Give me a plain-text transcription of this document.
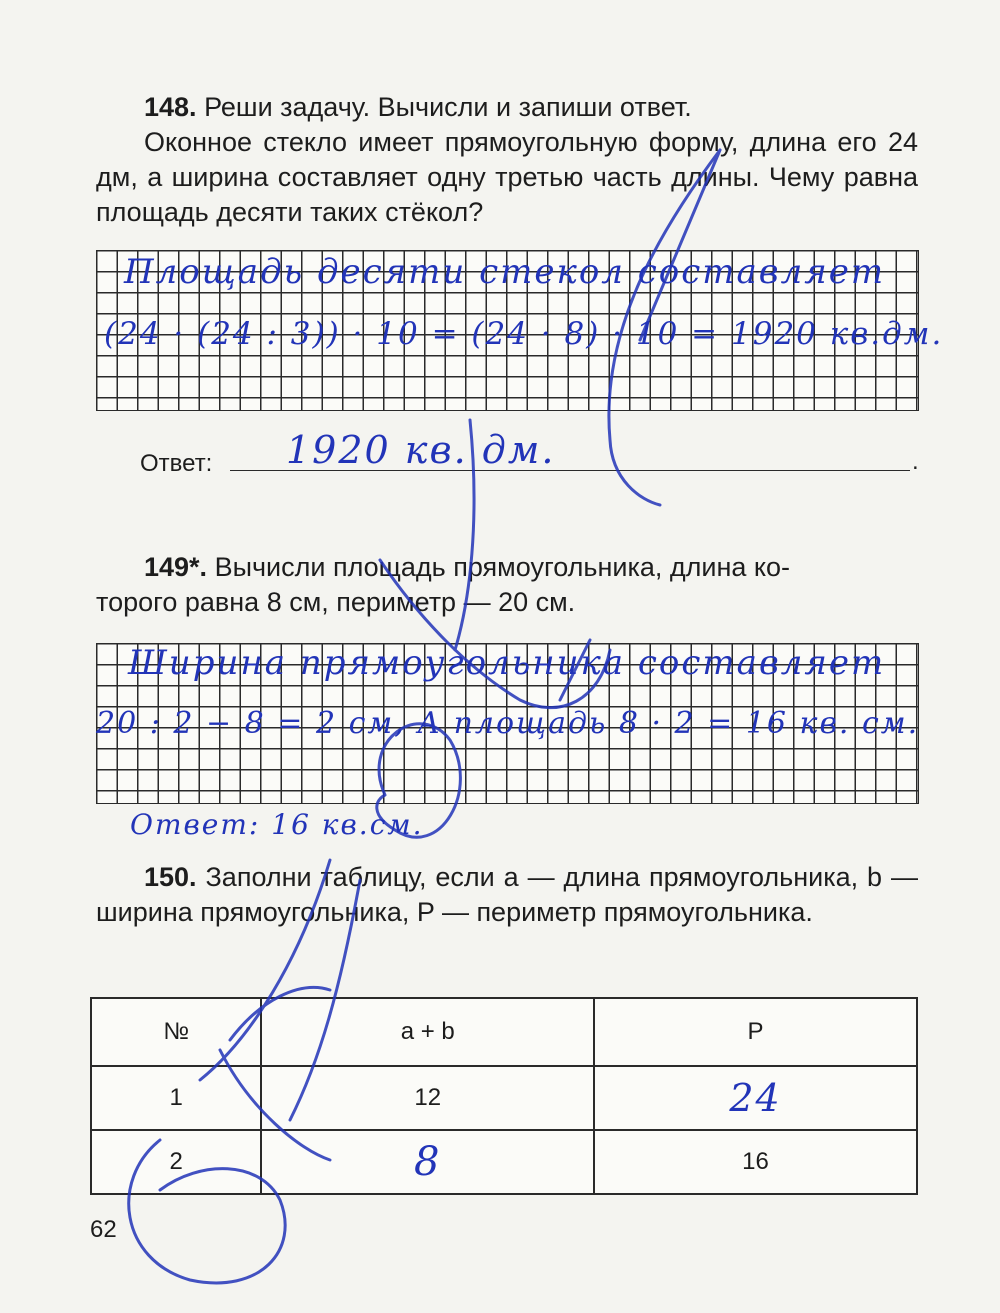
148. Реши задачу. Вычисли и запиши ответ.
Оконное стекло имеет прямоугольную форму, длина его 24 дм, а ширина составляет одну третью часть длины. Чему равна площадь десяти таких стёкол?
Площадь десяти стекол составляет
(24 · (24 : 3)) · 10 = (24 · 8) · 10 = 1920 кв.дм.
Ответ:	.
1920 кв. дм.
149*. Вычисли площадь прямоугольника, длина ко-
торого равна 8 см, периметр — 20 см.
Ширина прямоугольника составляет
20 : 2 − 8 = 2 см, А площадь 8 · 2 = 16 кв. см.
Ответ: 16 кв.см.
150. Заполни таблицу, если a — длина прямоугольника, b — ширина прямоугольника, P — периметр прямоугольника.
№	a + b	P
1	12	24
2	8	16
62
